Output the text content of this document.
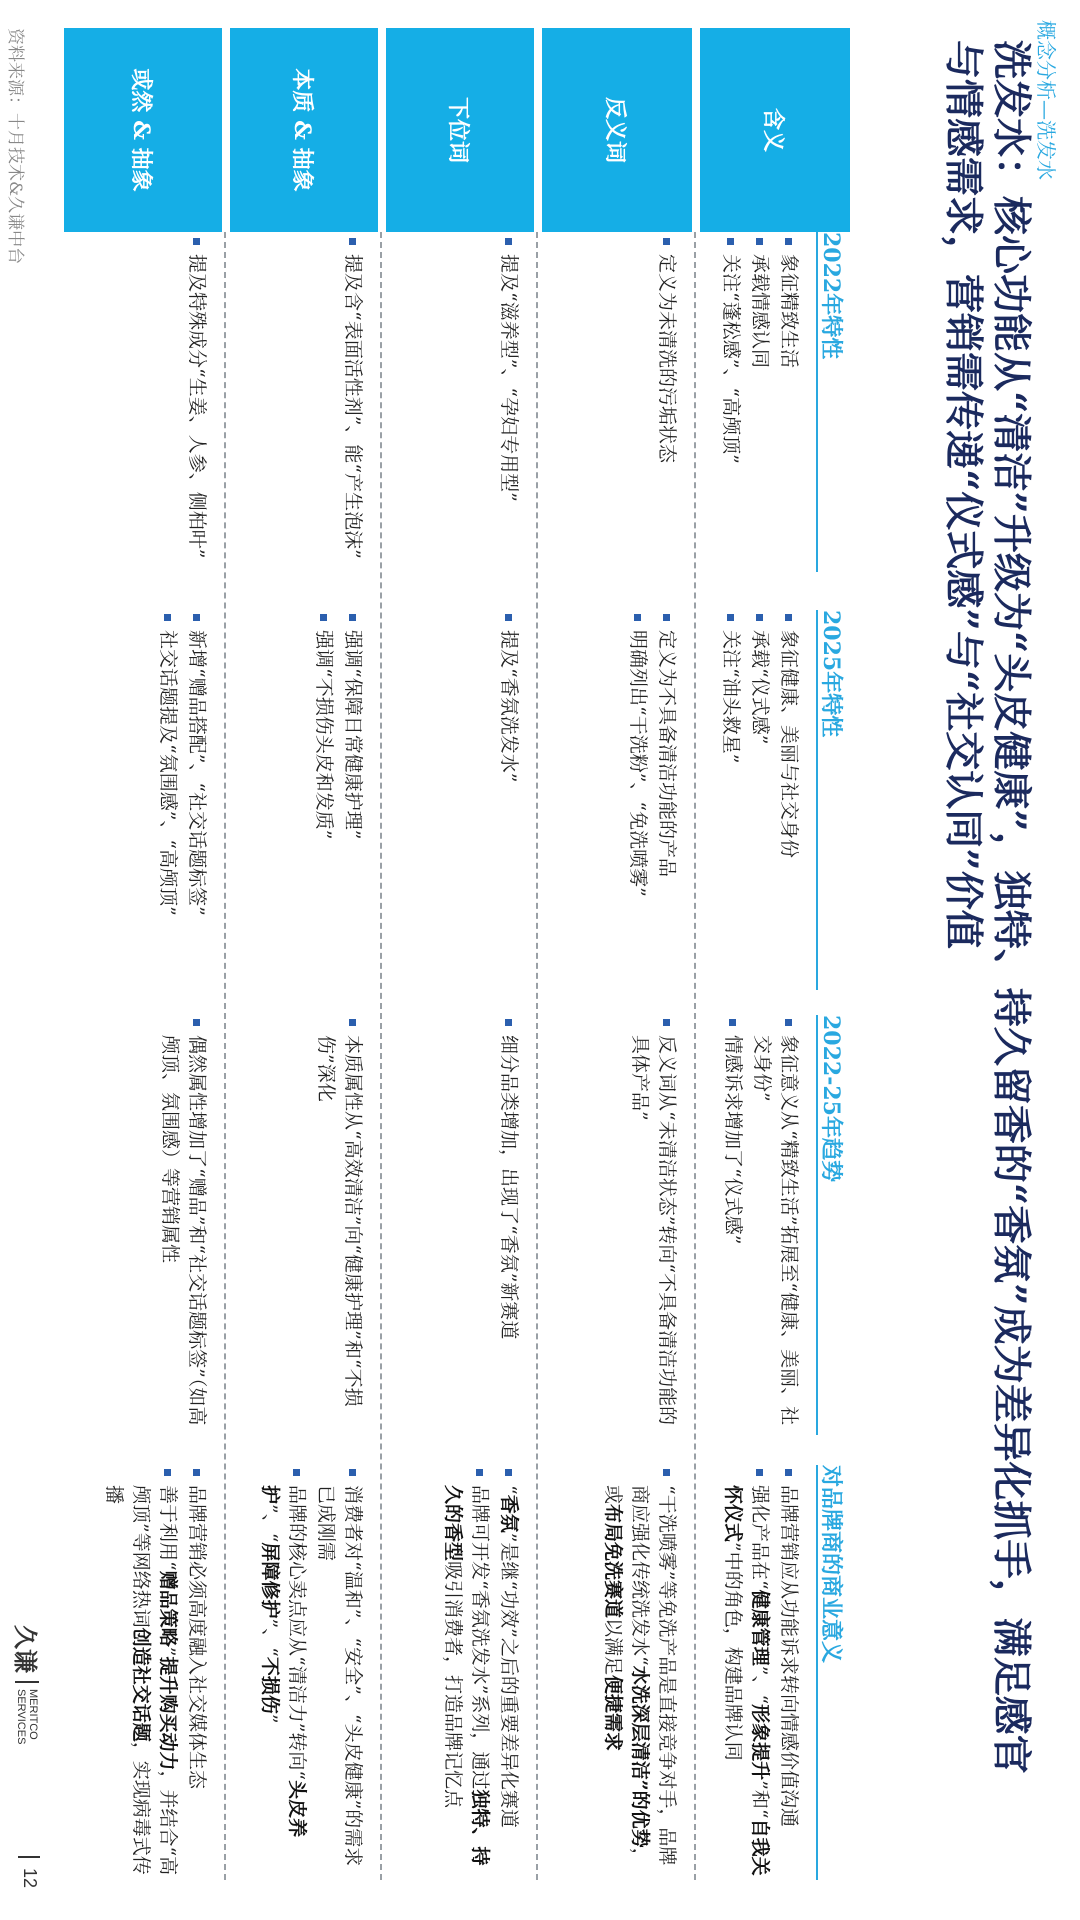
概念分析—洗发水
洗发水：核心功能从“清洁”升级为“头皮健康”，独特、持久留香的“香氛”成为差异化抓手，满足感官与情感需求，营销需传递“仪式感”与“社交认同”价值
含义
反义词
下位词
本质 & 抽象
或然 & 抽象
2022年特性
2025年特性
2022-25年趋势
对品牌商的商业意义
象征精致生活
承载情感认同
关注“蓬松感”、“高颅顶”
象征健康、美丽与社交身份
承载“仪式感”
关注“油头救星”
象征意义从“精致生活”拓展至“健康、美丽、社交身份”
情感诉求增加了“仪式感”
品牌营销应从功能诉求转向情感价值沟通
强化产品在“健康管理”、“形象提升”和“自我关怀仪式”中的角色，构建品牌认同
定义为未清洗的污垢状态
定义为不具备清洁功能的产品
明确列出“干洗粉”、“免洗喷雾”
反义词从“未清洁状态”转向“不具备清洁功能的具体产品”
“干洗喷雾”等免洗产品是直接竞争对手，品牌商应强化传统洗发水“水洗深层清洁”的优势，或布局免洗赛道以满足便捷需求
提及“滋养型”、“孕妇专用型”
提及“香氛洗发水”
细分品类增加，出现了“香氛”新赛道
“香氛”是继“功效”之后的重要差异化赛道
品牌可开发“香氛洗发水”系列，通过独特、持久的香型吸引消费者，打造品牌记忆点
提及含“表面活性剂”、能“产生泡沫”
强调“保障日常健康护理”
强调“不损伤头皮和发质”
本质属性从“高效清洁”向“健康护理”和“不损伤”深化
消费者对“温和”、“安全”、“头皮健康”的需求已成刚需
品牌的核心卖点应从“清洁力”转向“头皮养护”、“屏障修护”、“不损伤”
提及特殊成分“生姜、人参、侧柏叶”
新增“赠品搭配”、“社交话题标签”
社交话题提及“氛围感”、“高颅顶”
偶然属性增加了“赠品”和“社交话题标签”（如高颅顶、氛围感）等营销属性
品牌营销必须高度融入社交媒体生态
善于利用“赠品策略”提升购买动力，并结合“高颅顶”等网络热词创造社交话题，实现病毒式传播
资料来源：十月技术&久谦中台
久谦
MERITCO
SERVICES
12
